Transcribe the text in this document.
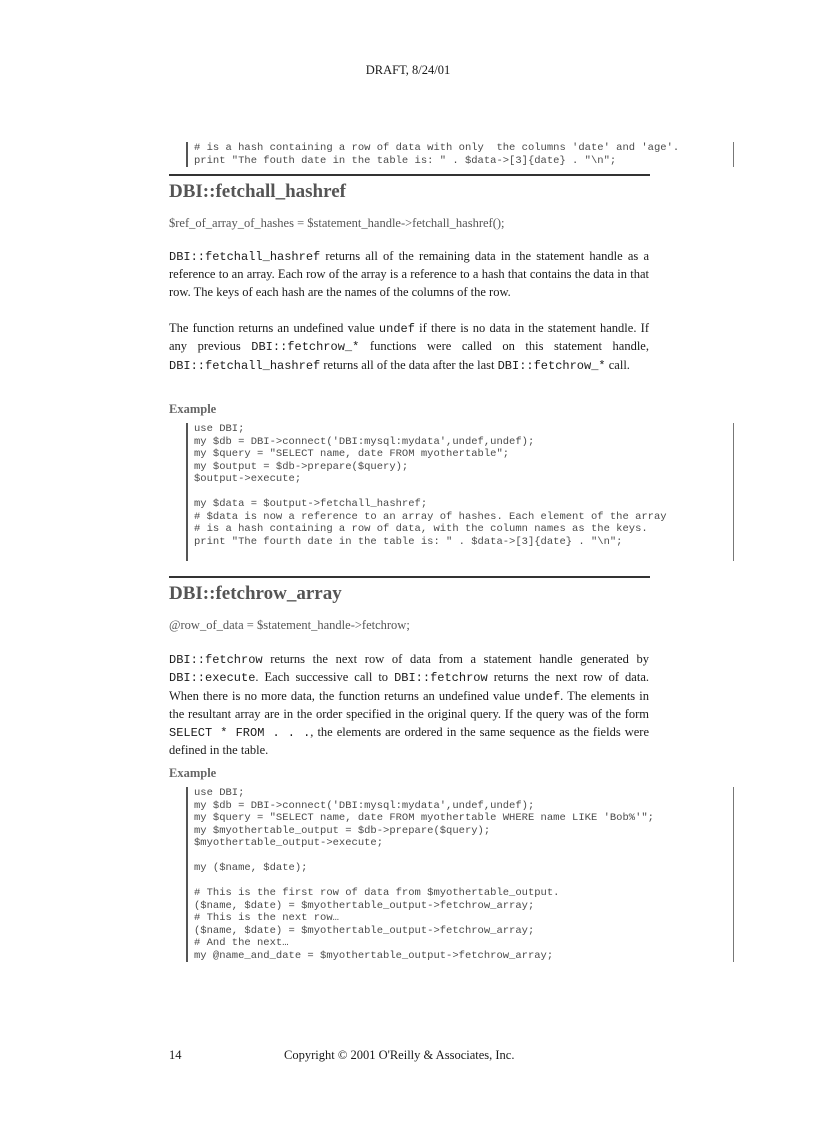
DRAFT, 8/24/01
# is a hash containing a row of data with only  the columns 'date' and 'age'.
print "The fouth date in the table is: " . $data->[3]{date} . "\n";
DBI::fetchall_hashref
$ref_of_array_of_hashes = $statement_handle->fetchall_hashref();
DBI::fetchall_hashref returns all of the remaining data in the statement handle as a reference to an array. Each row of the array is a reference to a hash that contains the data in that row. The keys of each hash are the names of the columns of the row.
The function returns an undefined value undef if there is no data in the statement handle. If any previous DBI::fetchrow_* functions were called on this statement handle, DBI::fetchall_hashref returns all of the data after the last DBI::fetchrow_* call.
Example
use DBI;
my $db = DBI->connect('DBI:mysql:mydata',undef,undef);
my $query = "SELECT name, date FROM myothertable";
my $output = $db->prepare($query);
$output->execute;
my $data = $output->fetchall_hashref;
# $data is now a reference to an array of hashes. Each element of the array
# is a hash containing a row of data, with the column names as the keys.
print "The fourth date in the table is: " . $data->[3]{date} . "\n";
DBI::fetchrow_array
@row_of_data = $statement_handle->fetchrow;
DBI::fetchrow returns the next row of data from a statement handle generated by DBI::execute. Each successive call to DBI::fetchrow returns the next row of data. When there is no more data, the function returns an undefined value undef. The elements in the resultant array are in the order specified in the original query. If the query was of the form SELECT * FROM . . ., the elements are ordered in the same sequence as the fields were defined in the table.
Example
use DBI;
my $db = DBI->connect('DBI:mysql:mydata',undef,undef);
my $query = "SELECT name, date FROM myothertable WHERE name LIKE 'Bob%'";
my $myothertable_output = $db->prepare($query);
$myothertable_output->execute;
my ($name, $date);
# This is the first row of data from $myothertable_output.
($name, $date) = $myothertable_output->fetchrow_array;
# This is the next row…
($name, $date) = $myothertable_output->fetchrow_array;
# And the next…
my @name_and_date = $myothertable_output->fetchrow_array;
14	Copyright © 2001 O'Reilly & Associates, Inc.
